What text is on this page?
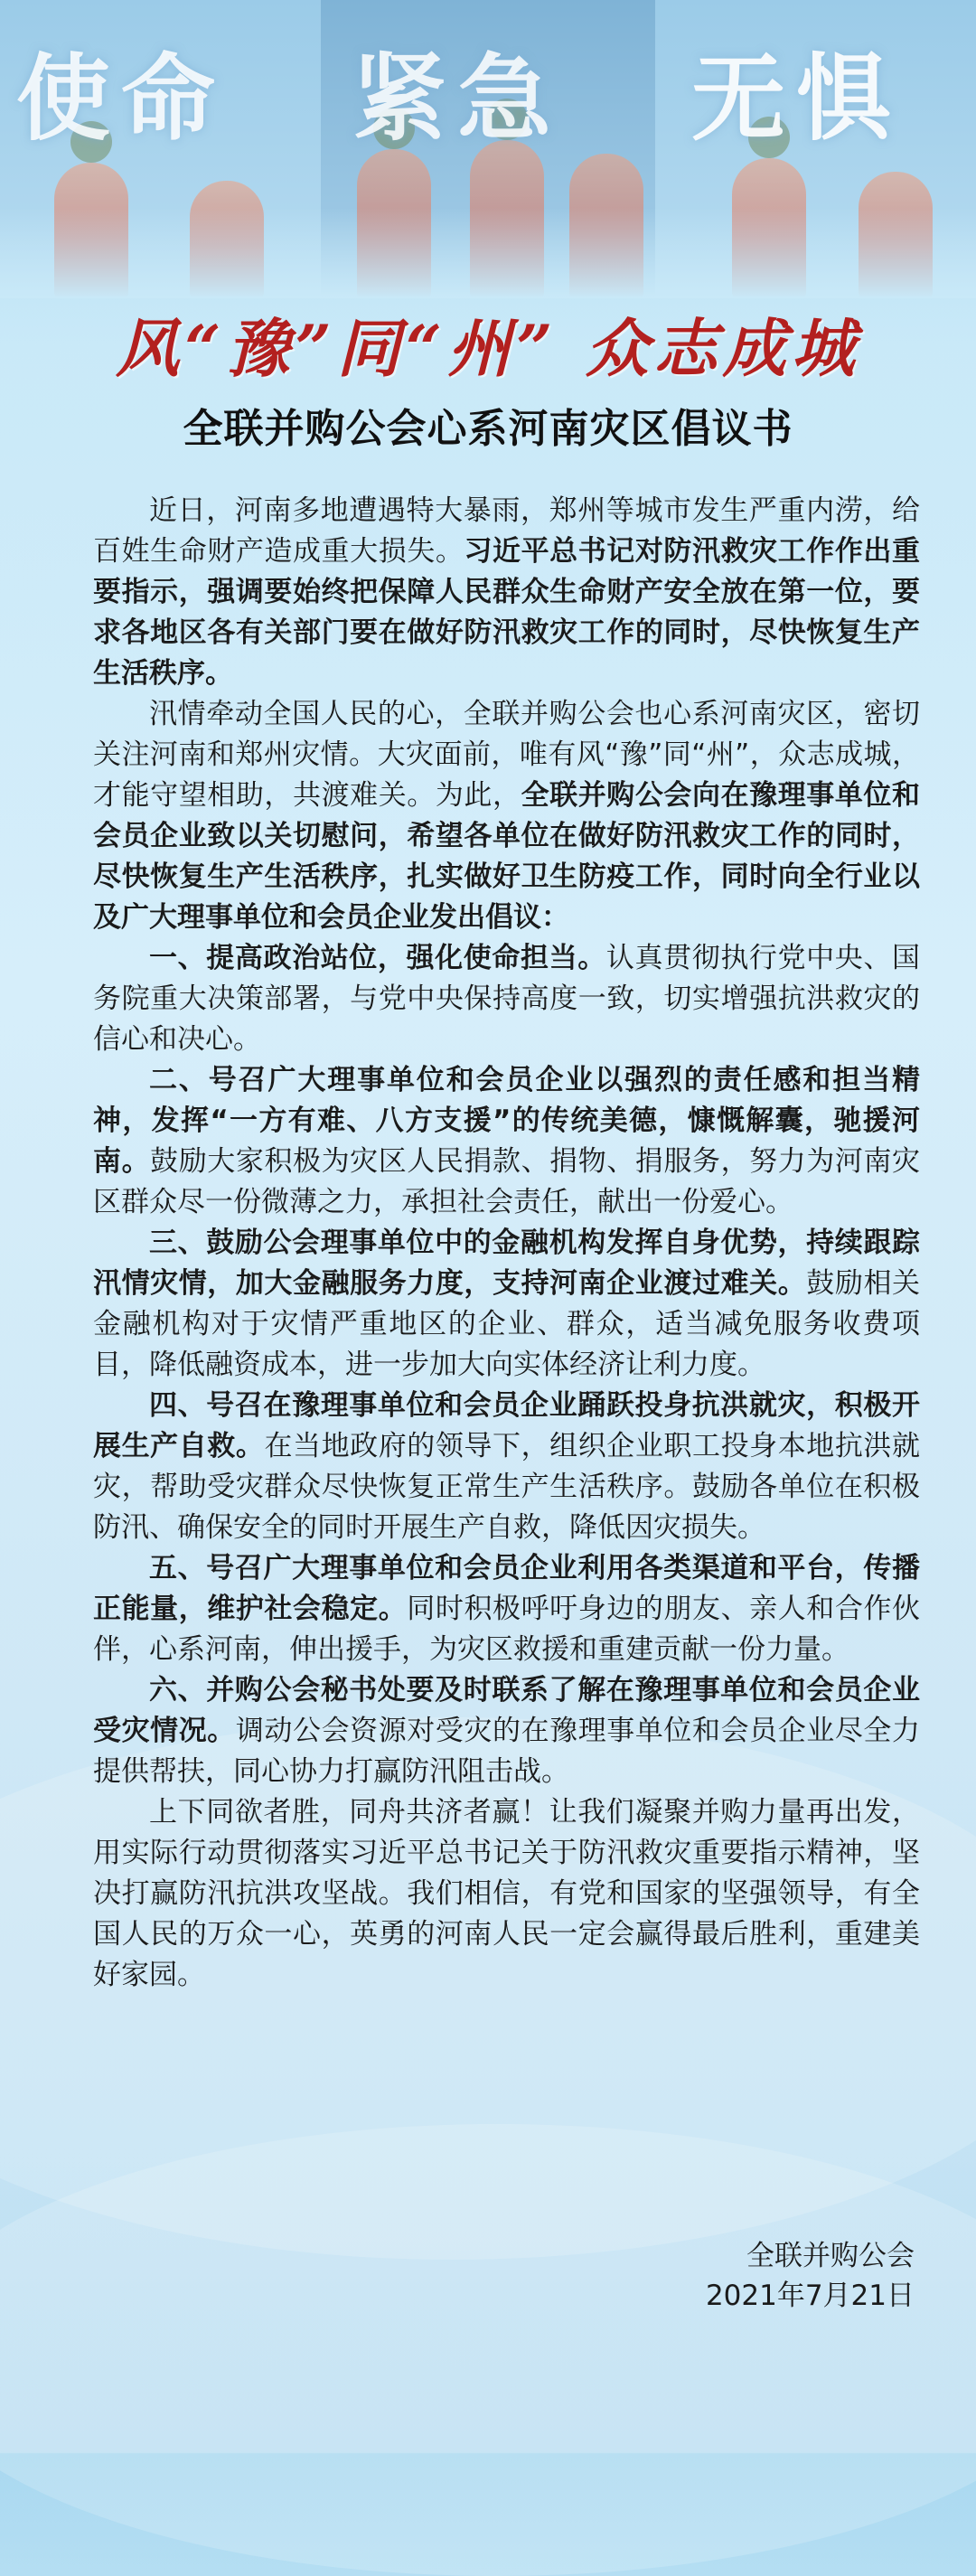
使命 紧急 无惧
风“豫”同“州” 众志成城
全联并购公会心系河南灾区倡议书

近日，河南多地遭遇特大暴雨，郑州等城市发生严重内涝，给百姓生命财产造成重大损失。习近平总书记对防汛救灾工作作出重要指示，强调要始终把保障人民群众生命财产安全放在第一位，要求各地区各有关部门要在做好防汛救灾工作的同时，尽快恢复生产生活秩序。

汛情牵动全国人民的心，全联并购公会也心系河南灾区，密切关注河南和郑州灾情。大灾面前，唯有风“豫”同“州”，众志成城，才能守望相助，共渡难关。为此，全联并购公会向在豫理事单位和会员企业致以关切慰问，希望各单位在做好防汛救灾工作的同时，尽快恢复生产生活秩序，扎实做好卫生防疫工作，同时向全行业以及广大理事单位和会员企业发出倡议：

一、提高政治站位，强化使命担当。认真贯彻执行党中央、国务院重大决策部署，与党中央保持高度一致，切实增强抗洪救灾的信心和决心。

二、号召广大理事单位和会员企业以强烈的责任感和担当精神，发挥“一方有难、八方支援”的传统美德，慷慨解囊，驰援河南。鼓励大家积极为灾区人民捐款、捐物、捐服务，努力为河南灾区群众尽一份微薄之力，承担社会责任，献出一份爱心。

三、鼓励公会理事单位中的金融机构发挥自身优势，持续跟踪汛情灾情，加大金融服务力度，支持河南企业渡过难关。鼓励相关金融机构对于灾情严重地区的企业、群众，适当减免服务收费项目，降低融资成本，进一步加大向实体经济让利力度。

四、号召在豫理事单位和会员企业踊跃投身抗洪就灾，积极开展生产自救。在当地政府的领导下，组织企业职工投身本地抗洪就灾，帮助受灾群众尽快恢复正常生产生活秩序。鼓励各单位在积极防汛、确保安全的同时开展生产自救，降低因灾损失。

五、号召广大理事单位和会员企业利用各类渠道和平台，传播正能量，维护社会稳定。同时积极呼吁身边的朋友、亲人和合作伙伴，心系河南，伸出援手，为灾区救援和重建贡献一份力量。

六、并购公会秘书处要及时联系了解在豫理事单位和会员企业受灾情况。调动公会资源对受灾的在豫理事单位和会员企业尽全力提供帮扶，同心协力打赢防汛阻击战。

上下同欲者胜，同舟共济者赢！让我们凝聚并购力量再出发，用实际行动贯彻落实习近平总书记关于防汛救灾重要指示精神，坚决打赢防汛抗洪攻坚战。我们相信，有党和国家的坚强领导，有全国人民的万众一心，英勇的河南人民一定会赢得最后胜利，重建美好家园。

全联并购公会
2021年7月21日
